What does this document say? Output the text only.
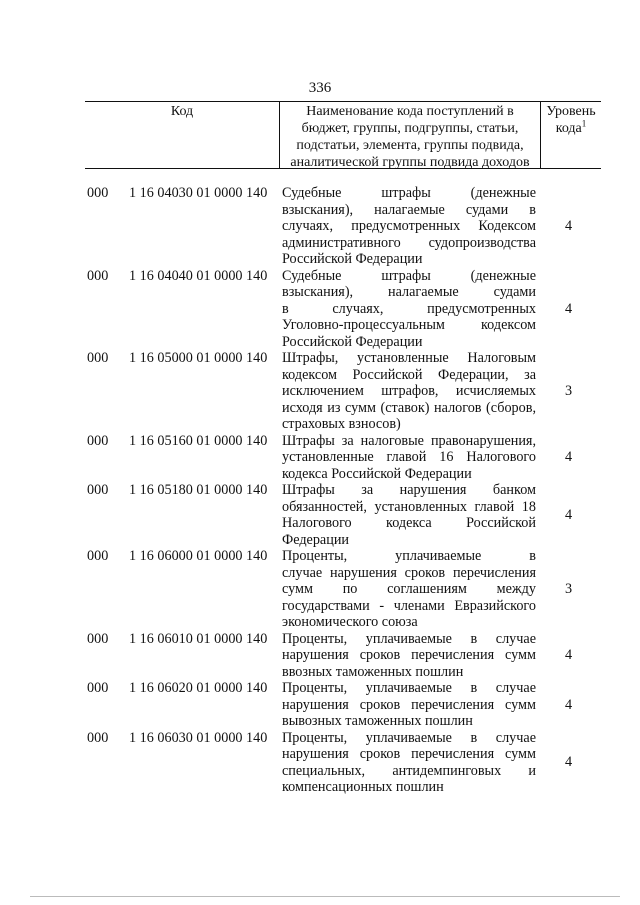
336
Код	Наименование кода поступлений в
бюджет, группы, подгруппы, статьи,
подстатьи, элемента, группы подвида,
аналитической группы подвида доходов
Уровень
кода$^1$
000	1 16 04030 01 0000 140	Судебные штрафы (денежные
взыскания), налагаемые судами в
случаях, предусмотренных Кодексом
административного судопроизводства
Российской Федерации
4
000	1 16 04040 01 0000 140	Судебные штрафы (денежные
взыскания), налагаемые судами
в случаях, предусмотренных
Уголовно-процессуальным кодексом
Российской Федерации
4
000	1 16 05000 01 0000 140	Штрафы, установленные Налоговым
кодексом Российской Федерации, за
исключением штрафов, исчисляемых
исходя из сумм (ставок) налогов (сборов,
страховых взносов)
3
000	1 16 05160 01 0000 140	Штрафы за налоговые правонарушения,
установленные главой 16 Налогового
кодекса Российской Федерации
4
000	1 16 05180 01 0000 140	Штрафы за нарушения банком
обязанностей, установленных главой 18
Налогового кодекса Российской
Федерации
4
000	1 16 06000 01 0000 140	Проценты, уплачиваемые в
случае нарушения сроков перечисления
сумм по соглашениям между
государствами - членами Евразийского
экономического союза
3
000	1 16 06010 01 0000 140	Проценты, уплачиваемые в случае
нарушения сроков перечисления сумм
ввозных таможенных пошлин
4
000	1 16 06020 01 0000 140	Проценты, уплачиваемые в случае
нарушения сроков перечисления сумм
вывозных таможенных пошлин
4
000	1 16 06030 01 0000 140	Проценты, уплачиваемые в случае
нарушения сроков перечисления сумм
специальных, антидемпинговых и
компенсационных пошлин
4
